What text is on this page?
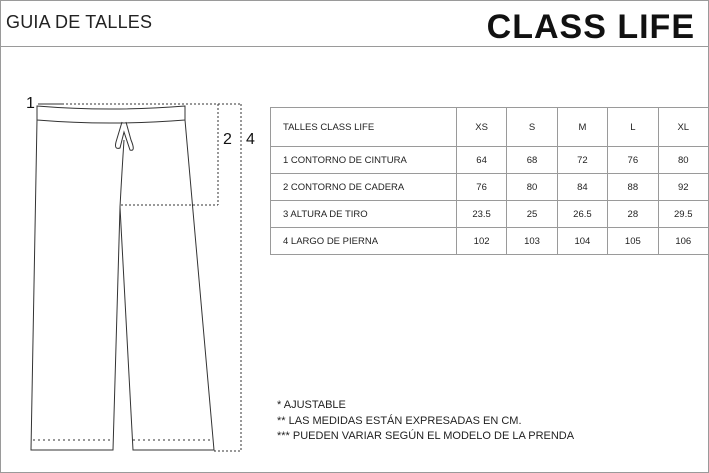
GUIA DE TALLES	CLASS LIFE
1
2 4
TALLES CLASS LIFE	XS	S	M	L	XL
1 CONTORNO DE CINTURA	64	68	72	76	80
2 CONTORNO DE CADERA	76	80	84	88	92
3 ALTURA DE TIRO	23.5	25	26.5	28	29.5
4 LARGO DE PIERNA	102	103	104	105	106
* AJUSTABLE
** LAS MEDIDAS ESTÁN EXPRESADAS EN CM.
*** PUEDEN VARIAR SEGÚN EL MODELO DE LA PRENDA
